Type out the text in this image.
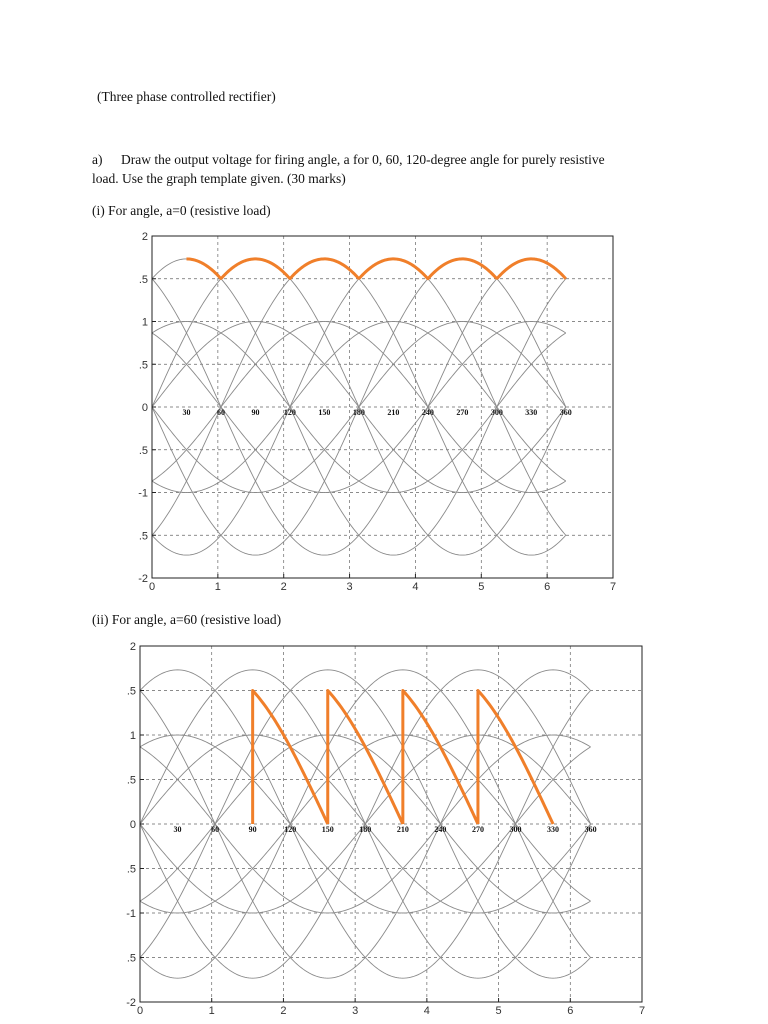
(Three phase controlled rectifier)
a) Draw the output voltage for firing angle, a for 0, 60, 120-degree angle for purely resistive
load. Use the graph template given. (30 marks)
(i) For angle, a=0 (resistive load)
(ii) For angle, a=60 (resistive load)
0	1	2	3	4	5	6	7
-2
.5
-1
.5
0
.5
1
.5
2
30	60	90	120	150	180	210	240	270	300	330	360
0	1	2	3	4	5	6	7
-2
.5
-1
.5
0
.5
1
.5
2
30	60	90	120	150	180	210	240	270	300	330	360
